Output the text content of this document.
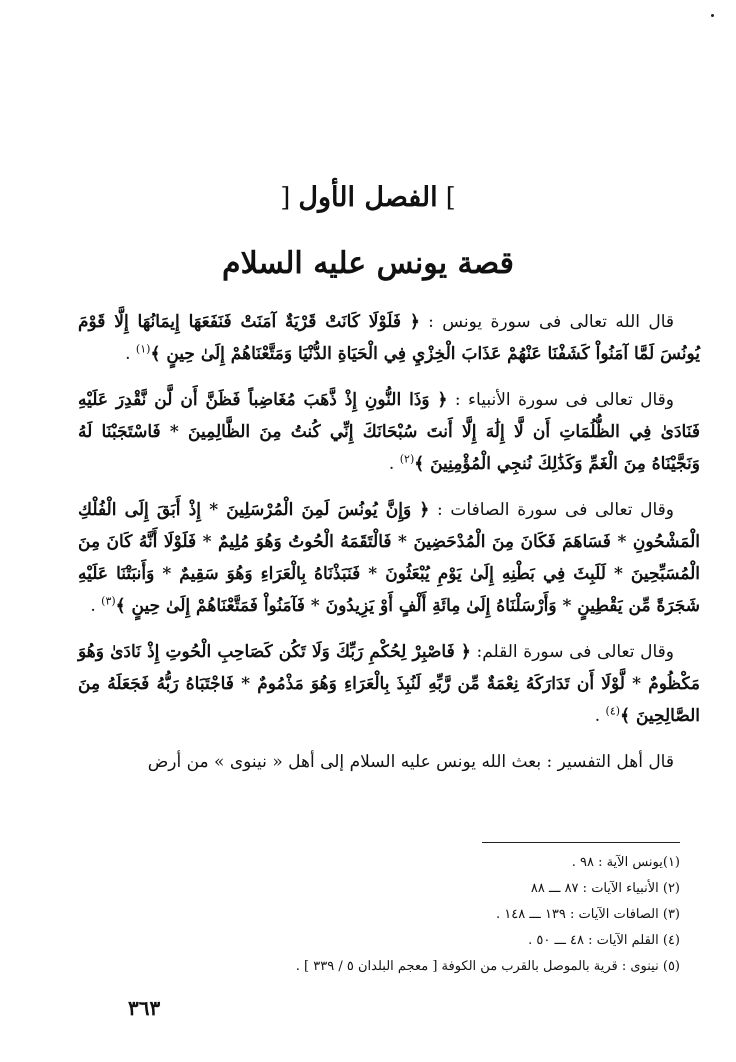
]الفصل الأول[
قصة يونس عليه السلام

قال الله تعالى فى سورة يونس : ﴿ فَلَوْلَا كَانَتْ قَرْيَةٌ آمَنَتْ فَنَفَعَهَا إِيمَانُهَا إِلَّا قَوْمَ يُونُسَ لَمَّا آمَنُواْ كَشَفْنَا عَنْهُمْ عَذَابَ الْخِزْيِ فِي الْحَيَاةِ الدُّنْيَا وَمَتَّعْنَاهُمْ إِلَىٰ حِينٍ ﴾$^{(١)}$ .

وقال تعالى فى سورة الأنبياء : ﴿ وَذَا النُّونِ إِذْ ذَّهَبَ مُغَاضِباً فَظَنَّ أَن لَّن نَّقْدِرَ عَلَيْهِ فَنَادَىٰ فِي الظُّلُمَاتِ أَن لَّا إِلَٰهَ إِلَّا أَنتَ سُبْحَانَكَ إِنِّي كُنتُ مِنَ الظَّالِمِينَ * فَاسْتَجَبْنَا لَهُ وَنَجَّيْنَاهُ مِنَ الْغَمِّ وَكَذَٰلِكَ نُنجِي الْمُؤْمِنِينَ ﴾$^{(٢)}$ .

وقال تعالى فى سورة الصافات : ﴿ وَإِنَّ يُونُسَ لَمِنَ الْمُرْسَلِينَ * إِذْ أَبَقَ إِلَى الْفُلْكِ الْمَشْحُونِ * فَسَاهَمَ فَكَانَ مِنَ الْمُدْحَضِينَ * فَالْتَقَمَهُ الْحُوتُ وَهُوَ مُلِيمٌ * فَلَوْلَا أَنَّهُ كَانَ مِنَ الْمُسَبِّحِينَ * لَلَبِثَ فِي بَطْنِهِ إِلَىٰ يَوْمِ يُبْعَثُونَ * فَنَبَذْنَاهُ بِالْعَرَاءِ وَهُوَ سَقِيمٌ * وَأَنبَتْنَا عَلَيْهِ شَجَرَةً مِّن يَقْطِينٍ * وَأَرْسَلْنَاهُ إِلَىٰ مِائَةِ أَلْفٍ أَوْ يَزِيدُونَ * فَآمَنُواْ فَمَتَّعْنَاهُمْ إِلَىٰ حِينٍ ﴾$^{(٣)}$ .

وقال تعالى فى سورة القلم: ﴿ فَاصْبِرْ لِحُكْمِ رَبِّكَ وَلَا تَكُن كَصَاحِبِ الْحُوتِ إِذْ نَادَىٰ وَهُوَ مَكْظُومٌ * لَّوْلَا أَن تَدَارَكَهُ نِعْمَةٌ مِّن رَّبِّهِ لَنُبِذَ بِالْعَرَاءِ وَهُوَ مَذْمُومٌ * فَاجْتَبَاهُ رَبُّهُ فَجَعَلَهُ مِنَ الصَّالِحِينَ ﴾$^{(٤)}$ .

قال أهل التفسير : بعث الله يونس عليه السلام إلى أهل « نينوى » من أرض

(١)يونس الآية : ٩٨ .
(٢) الأنبياء الآيات : ٨٧ ـــ ٨٨
(٣) الصافات الآيات : ١٣٩ ـــ ١٤٨ .
(٤) القلم الآيات : ٤٨ ـــ ٥٠ .
(٥) نينوى : قرية بالموصل بالقرب من الكوفة [ معجم البلدان ٥ / ٣٣٩ ] .
٣٦٣
